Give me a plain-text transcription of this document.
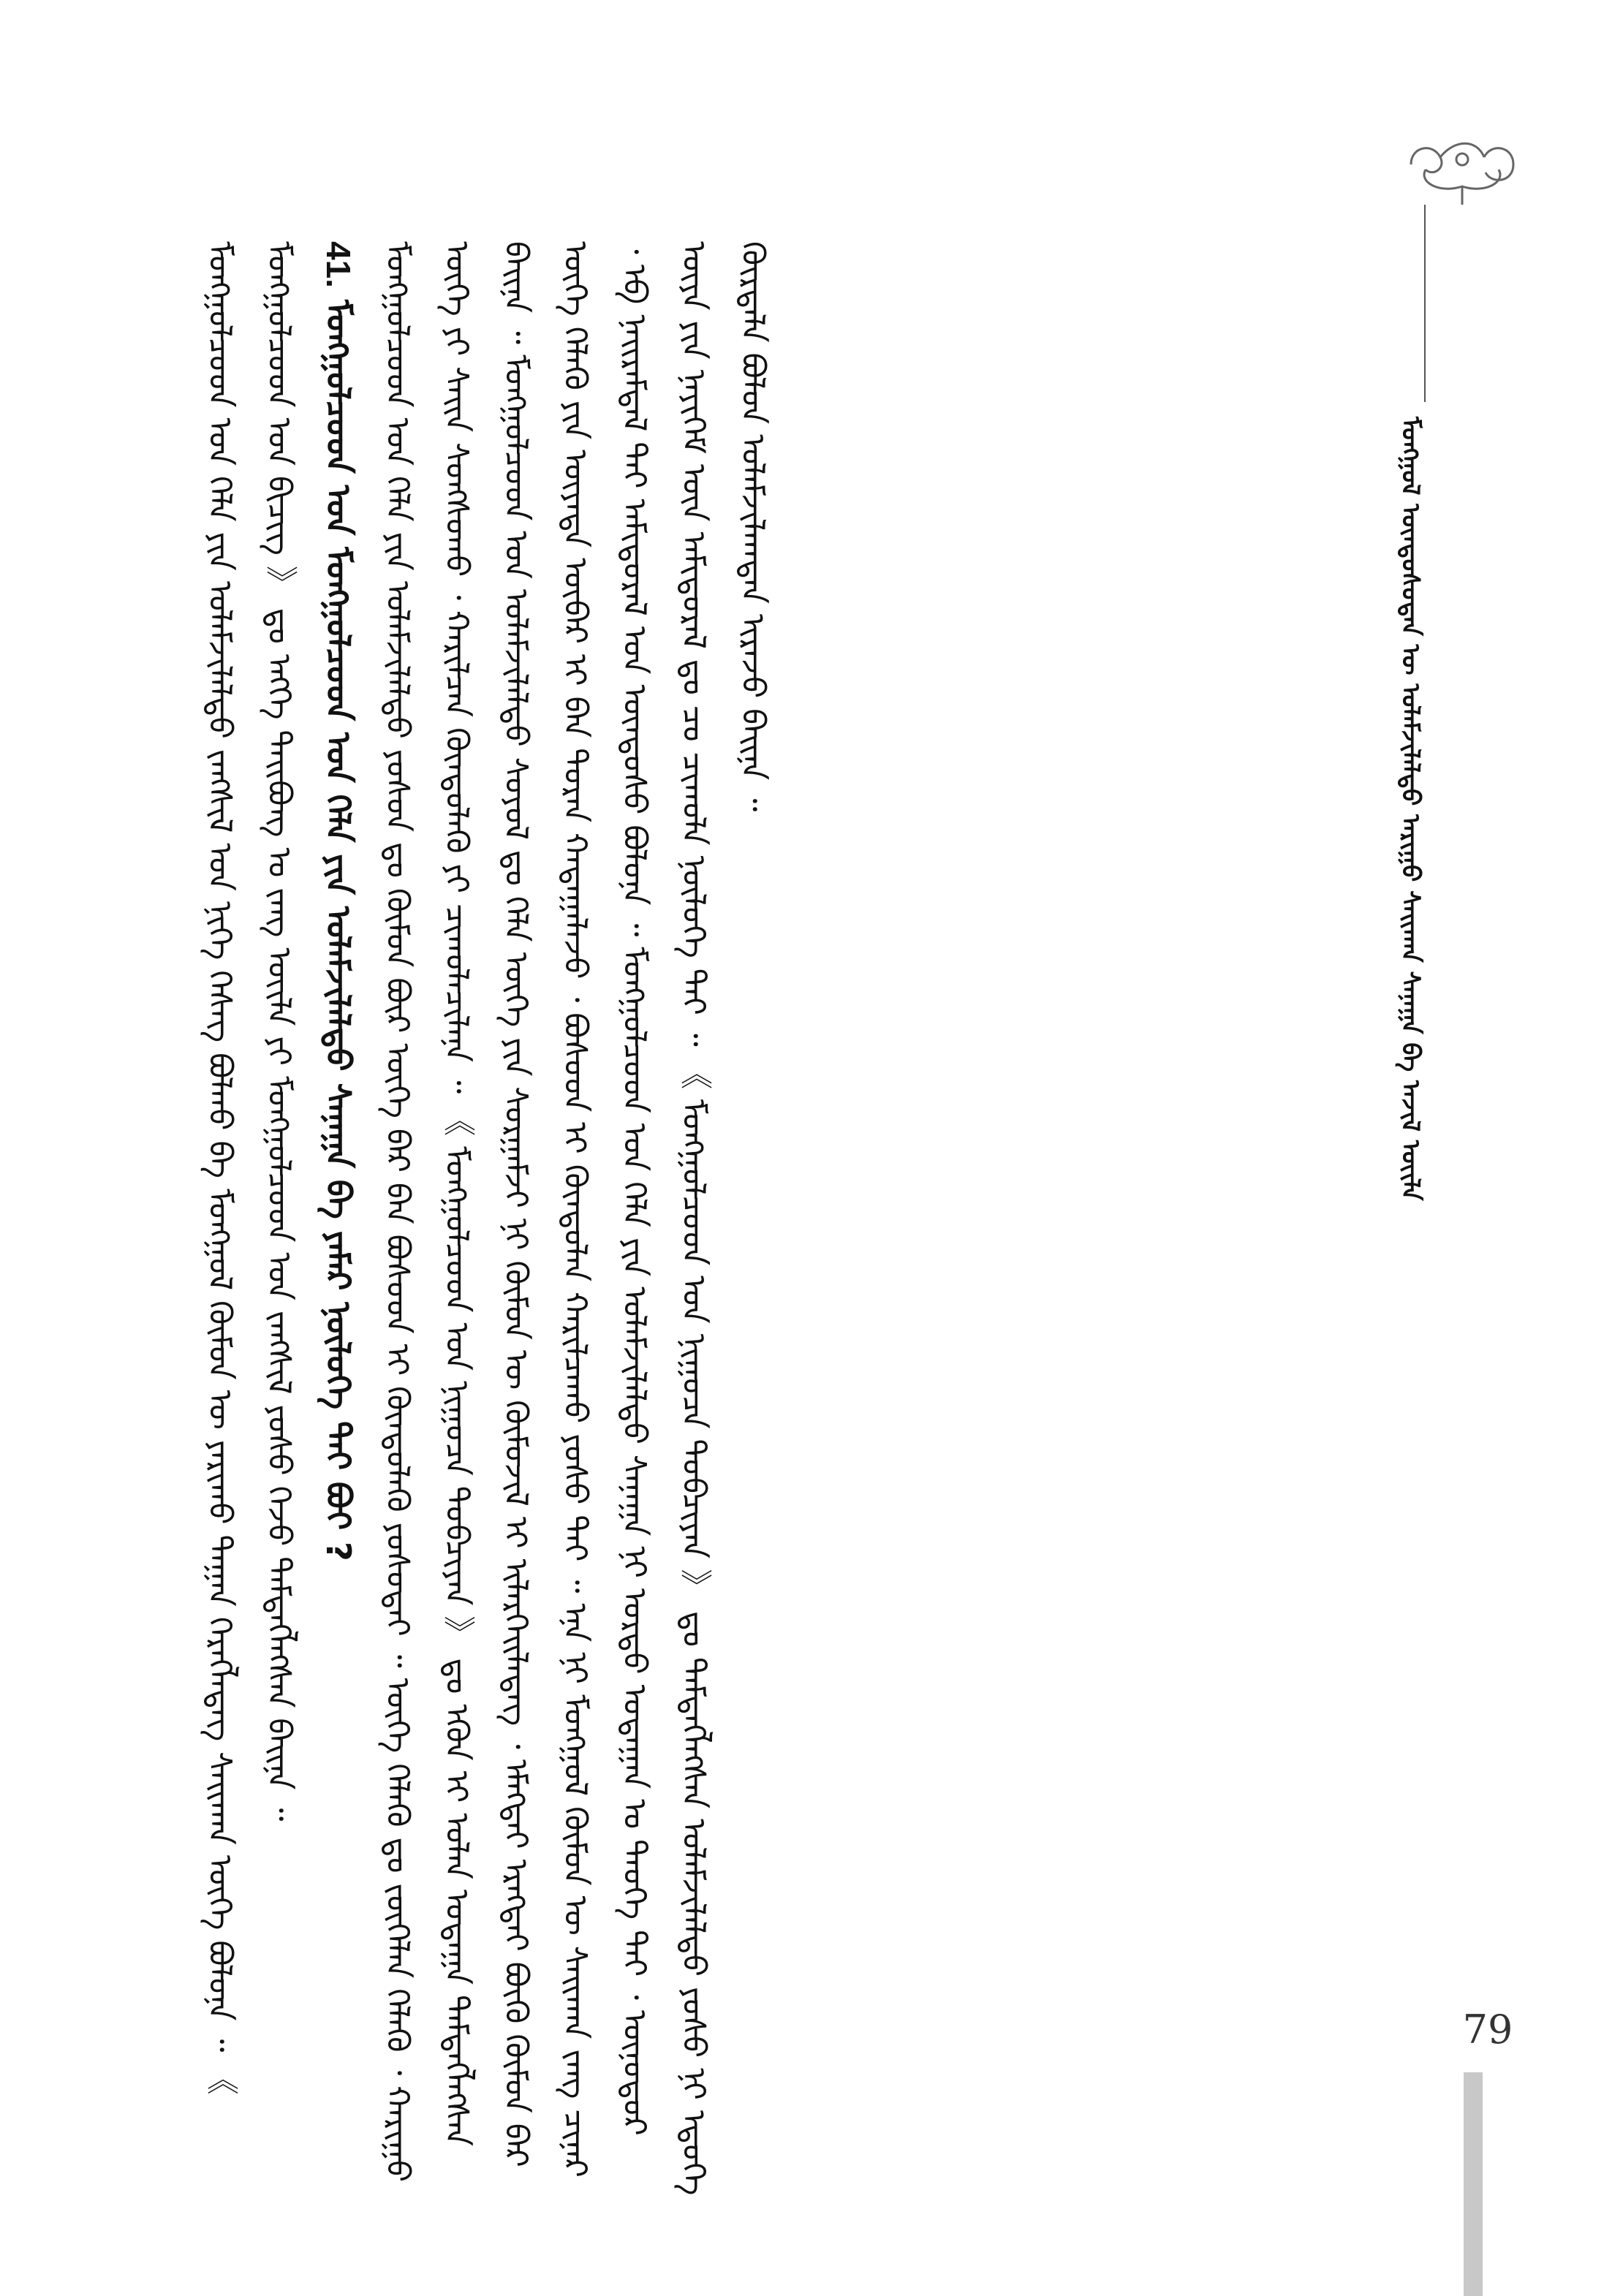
ᠮᠣᠩᠭᠣᠯ ᠦᠨᠳᠦᠰᠦᠲᠡᠨ ᠦ ᠤᠯᠠᠮᠵᠢᠯᠠᠯᠲᠤ ᠠᠷᠢᠭᠤ ᠰᠠᠢᠬᠠᠨ ᠰᠠᠨᠠᠭᠠ ᠪᠠ ᠠᠵᠢᠯ ᠦᠢᠯᠡ

ᠮᠣᠩᠭᠣᠯᠴᠤᠳ ᠤᠨ ᠬᠡᠯᠡ ᠶᠢᠨ ᠤᠯᠠᠮᠵᠢᠯᠠᠯᠲᠤ ᠵᠠᠩᠰᠢᠯ ᠤᠨ ᠨᠢᠭᠡ ᠬᠡᠰᠡᠭ ᠪᠣᠯᠬᠤ ᠪᠠ ᠮᠣᠩᠭᠣᠯ ᠬᠦᠮᠦᠨ ᠦ ᠶᠠᠷᠢᠬᠤ ᠳᠠᠭᠠᠨ ᠬᠡᠷᠡᠭᠯᠡᠳᠡᠭ ᠰᠠᠢᠬᠠᠨ ᠦᠭᠡ ᠪᠣᠯᠤᠨᠠ ᠃ 《 ᠮᠣᠩᠭᠣᠯᠴᠤᠳ ᠤᠨ ᠪᠢᠴᠢᠭ 》 ᠳᠤ ᠡᠩᠬᠡ ᠲᠠᠢᠪᠤᠩ ᠤ ᠵᠠᠩ ᠦᠢᠯᠡ ᠶᠢ ᠮᠣᠩᠭᠣᠯᠴᠤᠳ ᠤᠨ ᠵᠠᠩᠰᠢᠯ ᠶᠣᠰᠣ ᠭᠡᠵᠦ ᠲᠡᠮᠳᠡᠭᠯᠡᠭᠰᠡᠨ ᠪᠠᠢᠨᠠ ᠃ 41. ᠮᠣᠩᠭᠣᠯᠴᠤᠳ ᠤᠨ ᠮᠣᠩᠭᠣᠯᠴᠤᠳ ᠤᠨ ᠬᠡᠯᠡ ᠶᠢᠨ ᠤᠯᠠᠮᠵᠢᠯᠠᠯᠲᠤ ᠰᠠᠨᠠᠭᠠ ᠪᠠ ᠶᠠᠮᠠᠷ ᠨᠥᠯᠦᠭᠡ ᠲᠠᠢ ᠪᠤᠢ ? ᠮᠣᠩᠭᠣᠯᠴᠤᠳ ᠤᠨ ᠬᠡᠯᠡ ᠶᠢᠨ ᠤᠯᠠᠮᠵᠢᠯᠠᠯᠲᠤ ᠶᠣᠰᠣᠨ ᠳᠤ ᠬᠦᠮᠦᠨ ᠪᠦᠷ ᠦᠭᠡ ᠪᠠᠷ ᠪᠠᠨ ᠪᠤᠰᠤᠳ ᠢ ᠬᠦᠨᠳᠦᠯᠡᠬᠦ ᠶᠣᠰᠣᠳᠠᠢ ᠃ ᠦᠭᠡ ᠬᠡᠯᠡᠬᠦ ᠳᠤ ᠵᠥᠭᠡᠯᠡᠨ ᠬᠡᠯᠡᠬᠦ ᠂ ᠬᠠᠷᠢᠭᠤ ᠦᠭᠡ ᠶᠢ ᠰᠠᠢᠨ ᠰᠣᠩᠰᠣᠬᠤ ᠂ ᠬᠠᠷᠢᠯᠴᠠᠨ ᠬᠦᠨᠳᠦᠯᠡᠬᠦ ᠶᠢ ᠴᠢᠬᠤᠯᠠᠴᠢᠯᠠᠨᠠ ᠃ 《 ᠮᠣᠩᠭᠣᠯᠴᠤᠳ ᠤᠨ ᠨᠢᠭᠤᠴᠠ ᠲᠣᠪᠴᠢᠶᠠᠨ 》 ᠳᠤ ᠡᠭᠦᠨ ᠢ ᠣᠯᠠᠨ ᠤᠳᠠᠭᠠ ᠲᠡᠮᠳᠡᠭᠯᠡᠭᠰᠡᠨ ᠪᠠᠢᠨᠠ ᠃ ᠮᠣᠩᠭᠣᠯᠴᠤᠳ ᠤᠨ ᠤᠯᠠᠮᠵᠢᠯᠠᠯᠲᠤ ᠰᠣᠶᠣᠯ ᠳᠤ ᠬᠡᠯᠡ ᠦᠭᠡ ᠶᠢᠨ ᠰᠤᠷᠭᠠᠮᠵᠢ ᠨᠢ ᠬᠦᠮᠦᠨ ᠦ ᠬᠦᠮᠦᠵᠢᠯ ᠢ ᠢᠯᠡᠷᠬᠡᠢᠯᠡᠳᠡᠭ ᠂ ᠡᠮᠡᠭᠲᠡᠢ ᠡᠷᠡᠭᠲᠡᠢ ᠪᠦᠬᠦ ᠬᠦᠮᠦᠨ ᠪᠠᠷ ᠦᠭᠡ ᠬᠡᠯᠡᠬᠦ ᠶᠢᠨ ᠦᠶᠡᠳᠡ ᠥᠪᠡᠷ ᠢ ᠪᠠᠨ ᠳᠤᠷᠠᠨ ᠬᠠᠳᠠᠭᠠᠯᠠᠵᠤ ᠂ ᠪᠤᠰᠤᠳ ᠢ ᠬᠦᠨᠳᠦᠯᠡᠨ ᠬᠠᠷᠢᠯᠴᠠᠬᠤ ᠶᠣᠰᠣ ᠲᠠᠢ ᠃ ᠡᠨᠡ ᠨᠢ ᠮᠣᠩᠭᠣᠯ ᠬᠦᠮᠦᠨ ᠦ ᠰᠠᠢᠬᠠᠨ ᠵᠠᠩ ᠴᠢᠨᠠᠷ ᠂ ᠡᠪ ᠨᠠᠢᠷᠠᠮᠳᠠᠯ ᠲᠠᠢ ᠠᠮᠢᠳᠤᠷᠠᠯ ᠤᠨ ᠦᠨᠳᠦᠰᠦ ᠪᠣᠯᠤᠨᠠ ᠃ ᠮᠣᠩᠭᠣᠯᠴᠤᠳ ᠤᠨ ᠬᠡᠯᠡ ᠶᠢᠨ ᠤᠯᠠᠮᠵᠢᠯᠠᠯᠲᠤ ᠰᠠᠨᠠᠭᠠ ᠨᠢ ᠤᠷᠲᠤ ᠤᠳᠠᠭᠠᠨ ᠤ ᠲᠡᠦᠬᠡ ᠲᠠᠢ ᠂ ᠥᠨᠥᠳᠥᠷ ᠦᠶᠡ ᠶᠢᠨ ᠨᠡᠶᠢᠭᠡᠮ ᠦᠨ ᠠᠮᠢᠳᠤᠷᠠᠯ ᠳᠤ ᠴᠤ ᠴᠢᠬᠤᠯᠠ ᠨᠥᠯᠦᠭᠡ ᠲᠡᠢ ᠃ 《 ᠮᠣᠩᠭᠣᠯᠴᠤᠳ ᠤᠨ ᠨᠢᠭᠤᠴᠠ ᠲᠣᠪᠴᠢᠶᠠᠨ 》 ᠳᠤ ᠲᠡᠮᠳᠡᠭᠯᠡᠭᠰᠡᠨ ᠤᠯᠠᠮᠵᠢᠯᠠᠯᠲᠤ ᠶᠣᠰᠣ ᠨᠢ ᠡᠳᠦᠭᠡ ᠬᠦᠷᠲᠡᠯᠡ ᠪᠣᠯᠤᠨ ᠤᠯᠠᠮᠵᠢᠯᠠᠭᠳᠠᠨ ᠢᠷᠡᠵᠦ ᠪᠠᠢᠨᠠ ᠃

79
